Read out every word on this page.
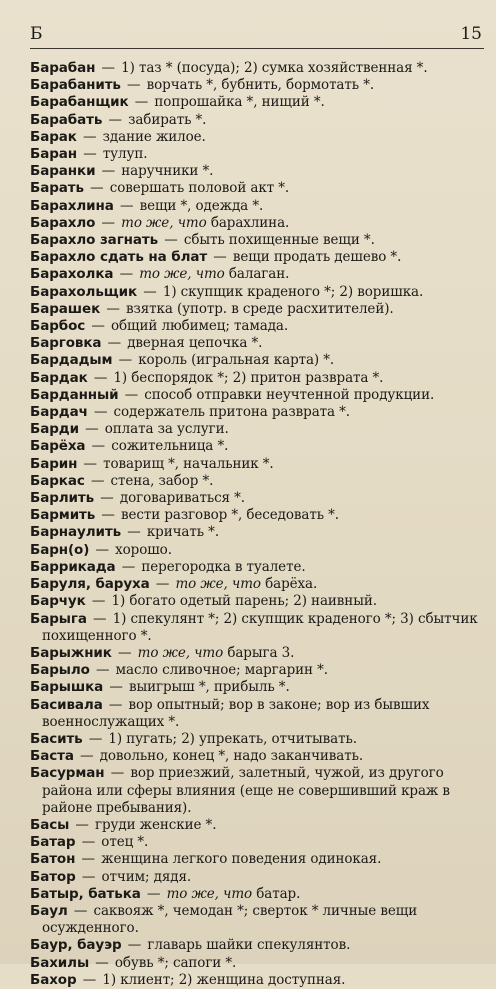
Б	15
Барабан — 1) таз * (посуда); 2) сумка хозяйственная *.
Барабанить — ворчать *, бубнить, бормотать *.
Барабанщик — попрошайка *, нищий *.
Барабать — забирать *.
Барак — здание жилое.
Баран — тулуп.
Баранки — наручники *.
Барать — совершать половой акт *.
Барахлина — вещи *, одежда *.
Барахло — то же, что барахлина.
Барахло загнать — сбыть похищенные вещи *.
Барахло сдать на блат — вещи продать дешево *.
Барахолка — то же, что балаган.
Барахольщик — 1) скупщик краденого *; 2) воришка.
Барашек — взятка (употр. в среде расхитителей).
Барбос — общий любимец; тамада.
Барговка — дверная цепочка *.
Бардадым — король (игральная карта) *.
Бардак — 1) беспорядок *; 2) притон разврата *.
Барданный — способ отправки неучтенной продукции.
Бардач — содержатель притона разврата *.
Барди — оплата за услуги.
Барёха — сожительница *.
Барин — товарищ *, начальник *.
Баркас — стена, забор *.
Барлить — договариваться *.
Бармить — вести разговор *, беседовать *.
Барнаулить — кричать *.
Барн(о) — хорошо.
Баррикада — перегородка в туалете.
Баруля, баруха — то же, что барёха.
Барчук — 1) богато одетый парень; 2) наивный.
Барыга — 1) спекулянт *; 2) скупщик краденого *; 3) сбытчик похищенного *.
Барыжник — то же, что барыга 3.
Барыло — масло сливочное; маргарин *.
Барышка — выигрыш *, прибыль *.
Басивала — вор опытный; вор в законе; вор из бывших военнослужащих *.
Басить — 1) пугать; 2) упрекать, отчитывать.
Баста — довольно, конец *, надо заканчивать.
Басурман — вор приезжий, залетный, чужой, из другого района или сферы влияния (еще не совершивший краж в районе пребывания).
Басы — груди женские *.
Батар — отец *.
Батон — женщина легкого поведения одинокая.
Батор — отчим; дядя.
Батыр, батька — то же, что батар.
Баул — саквояж *, чемодан *; сверток * личные вещи осужденного.
Баур, бауэр — главарь шайки спекулянтов.
Бахилы — обувь *; сапоги *.
Бахор — 1) клиент; 2) женщина доступная.
